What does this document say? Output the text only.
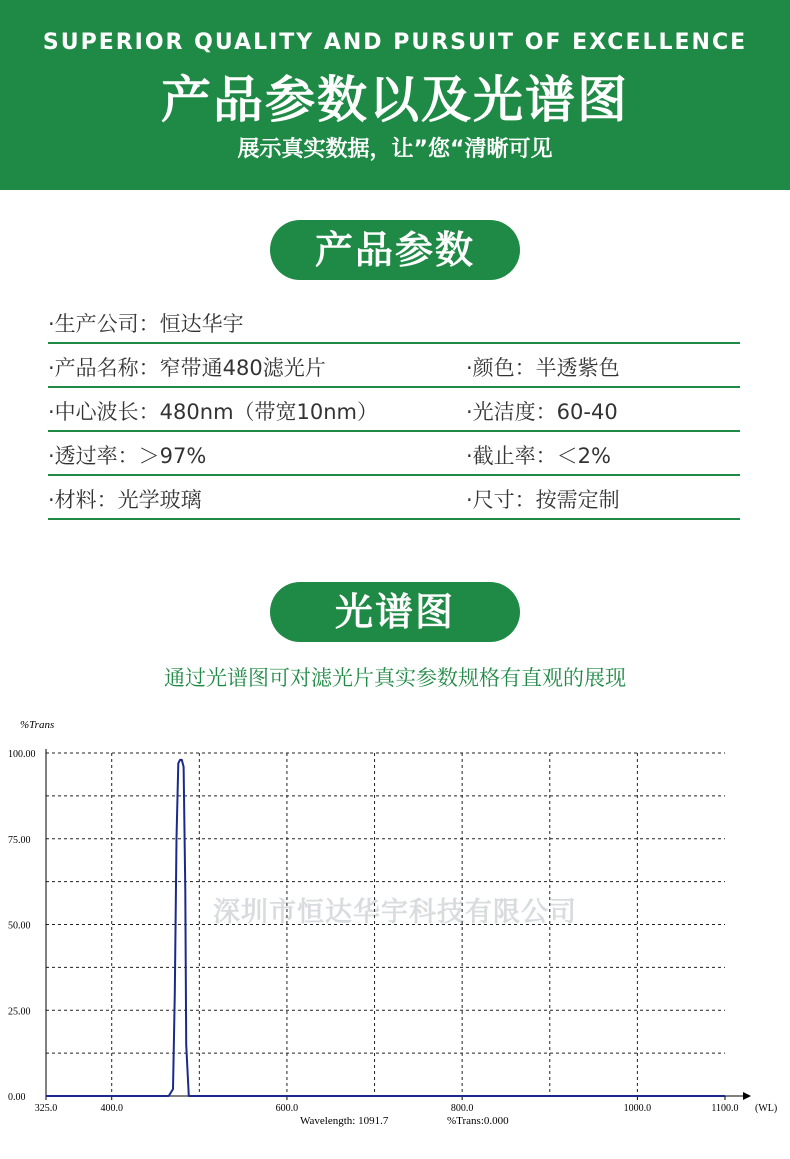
SUPERIOR QUALITY AND PURSUIT OF EXCELLENCE
产品参数以及光谱图
展示真实数据，让”您“清晰可见
产品参数
·生产公司：恒达华宇
·产品名称：窄带通480滤光片	·颜色：半透紫色
·中心波长：480nm（带宽10nm）	·光洁度：60-40
·透过率：＞97%	·截止率：＜2%
·材料：光学玻璃	·尺寸：按需定制
光谱图
通过光谱图可对滤光片真实参数规格有直观的展现
325.0	400.0	600.0	800.0	1000.0	1100.0
0.00
25.00
50.00
75.00
100.00
%Trans
(WL)
Wavelength: 1091.7	%Trans:0.000
深圳市恒达华宇科技有限公司
